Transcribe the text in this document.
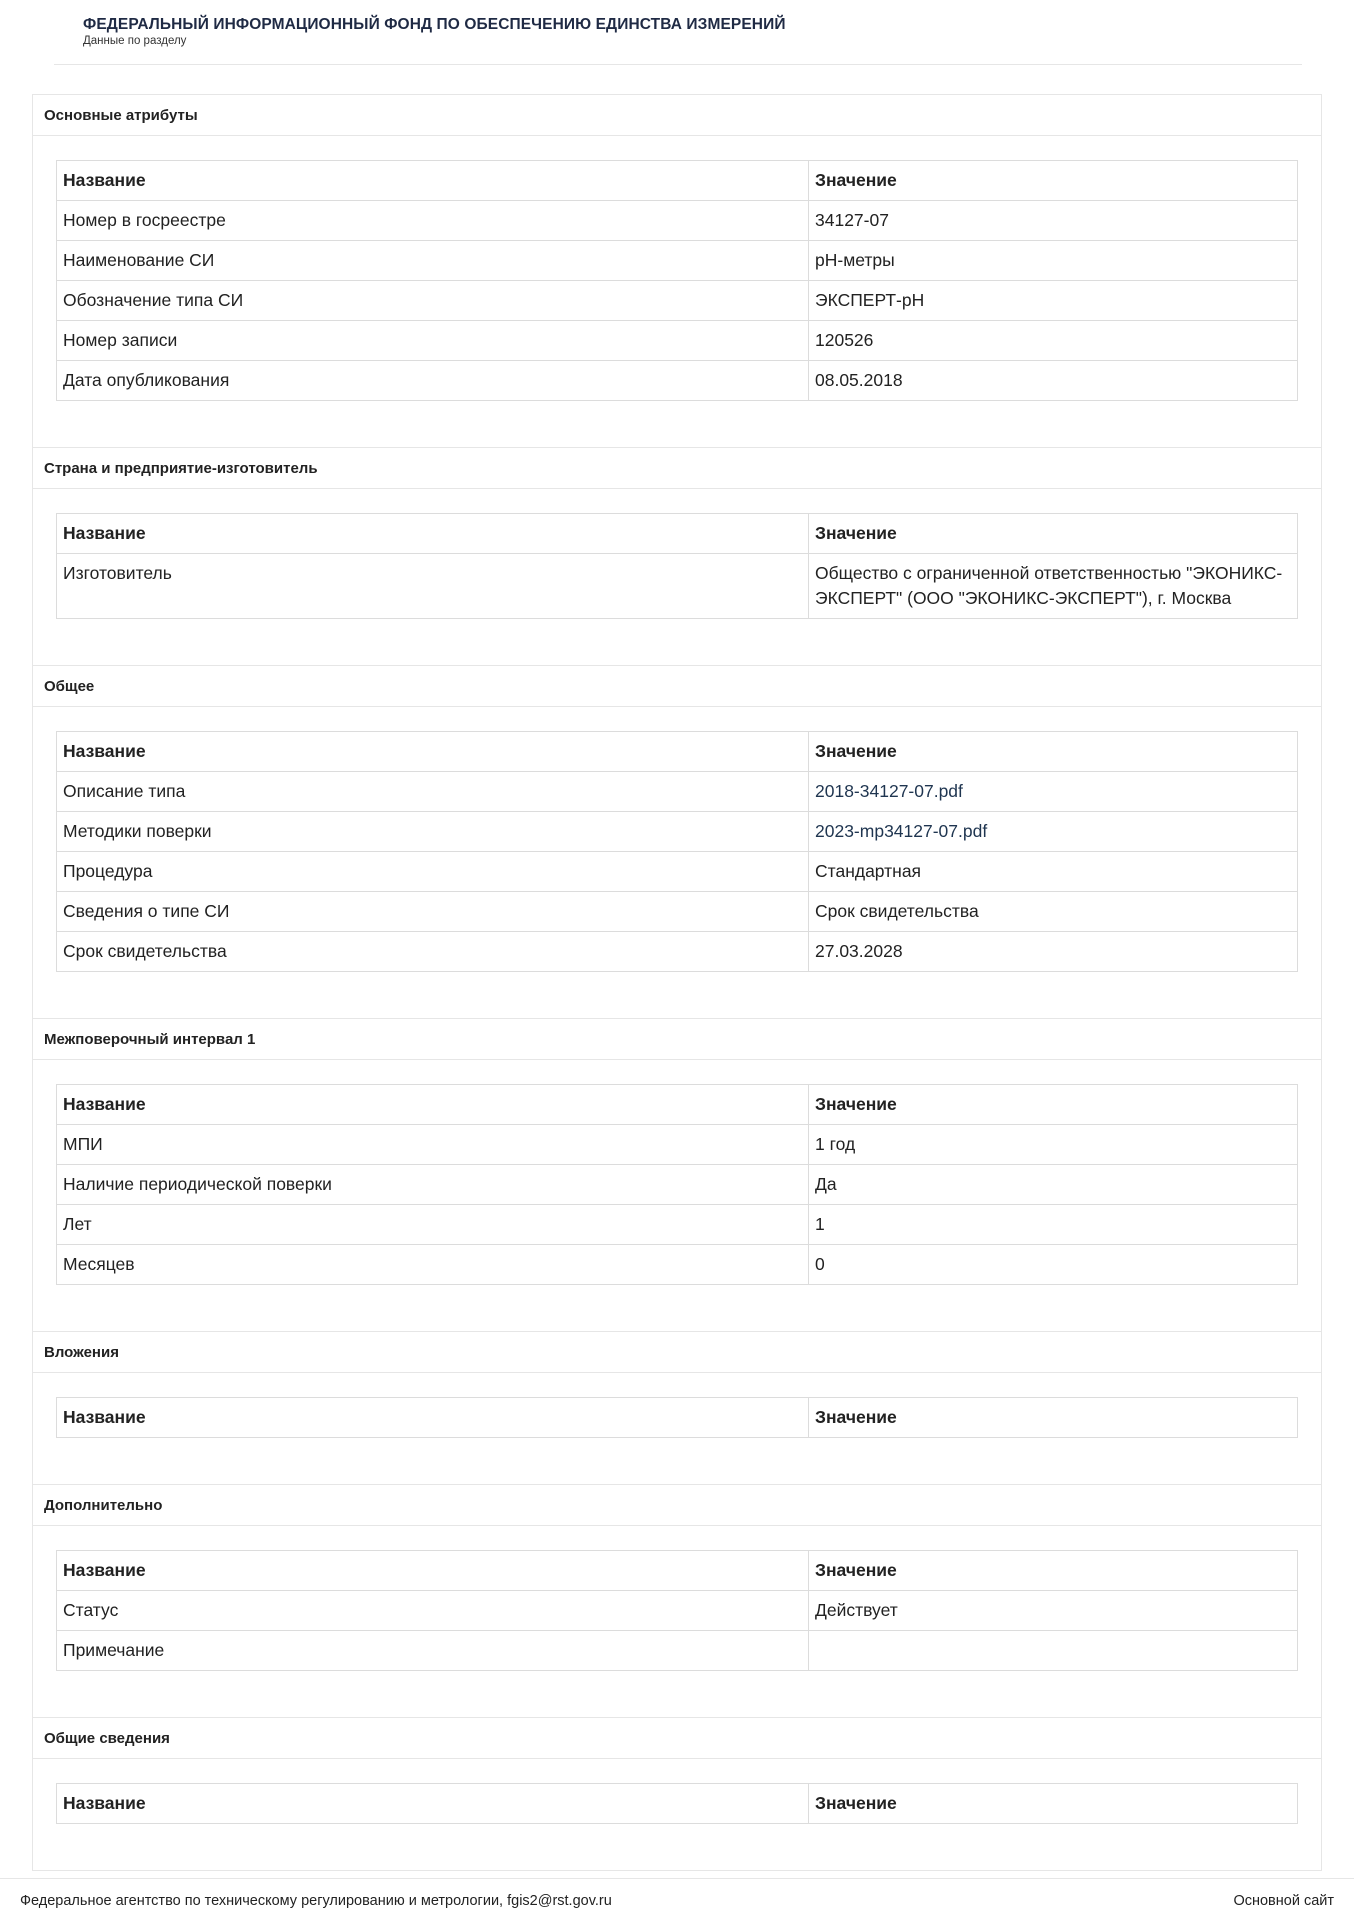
ФЕДЕРАЛЬНЫЙ ИНФОРМАЦИОННЫЙ ФОНД ПО ОБЕСПЕЧЕНИЮ ЕДИНСТВА ИЗМЕРЕНИЙ
Данные по разделу
Основные атрибуты
Название	Значение
Номер в госреестре	34127-07
Наименование СИ	pH-метры
Обозначение типа СИ	ЭКСПЕРТ-pH
Номер записи	120526
Дата опубликования	08.05.2018
Страна и предприятие-изготовитель
Название	Значение
Изготовитель	Общество с ограниченной ответственностью "ЭКОНИКС-ЭКСПЕРТ" (ООО "ЭКОНИКС-ЭКСПЕРТ"), г. Москва
Общее
Название	Значение
Описание типа	2018-34127-07.pdf
Методики поверки	2023-mp34127-07.pdf
Процедура	Стандартная
Сведения о типе СИ	Срок свидетельства
Срок свидетельства	27.03.2028
Межповерочный интервал 1
Название	Значение
МПИ	1 год
Наличие периодической поверки	Да
Лет	1
Месяцев	0
Вложения
Название	Значение
Дополнительно
Название	Значение
Статус	Действует
Примечание	
Общие сведения
Название	Значение
Федеральное агентство по техническому регулированию и метрологии, fgis2@rst.gov.ru	Основной сайт
